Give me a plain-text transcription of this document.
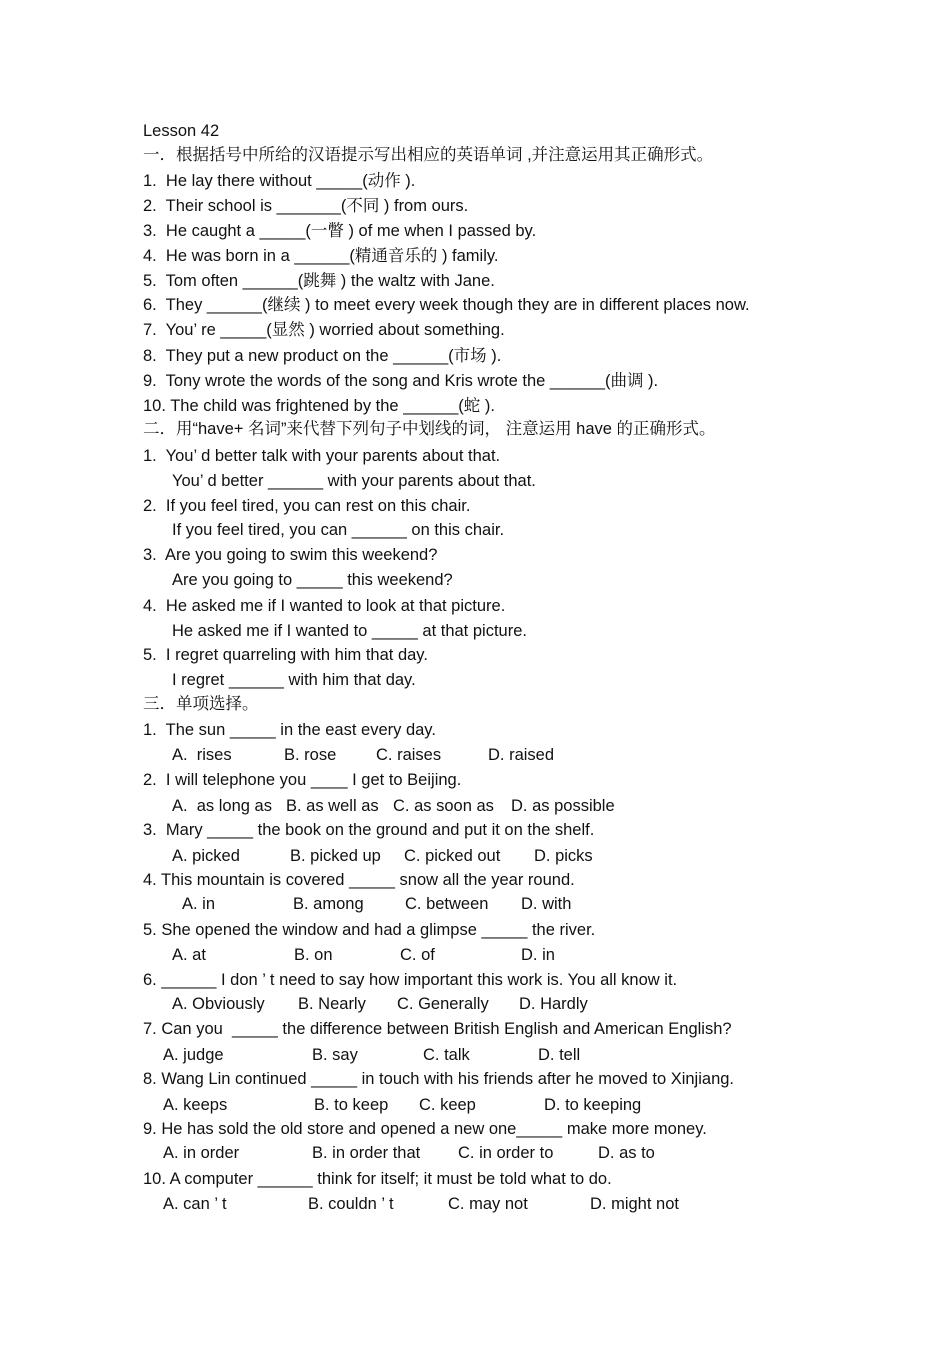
Lesson 42
一．根据括号中所给的汉语提示写出相应的英语单词 ,并注意运用其正确形式。
1.  He lay there without _____(动作 ).
2.  Their school is _______(不同 ) from ours.
3.  He caught a _____(一瞥 ) of me when I passed by.
4.  He was born in a ______(精通音乐的 ) family.
5.  Tom often ______(跳舞 ) the waltz with Jane.
6.  They ______(继续 ) to meet every week though they are in different places now.
7.  You’ re _____(显然 ) worried about something.
8.  They put a new product on the ______(市场 ).
9.  Tony wrote the words of the song and Kris wrote the ______(曲调 ).
10. The child was frightened by the ______(蛇 ).
二．用“have+ 名词”来代替下列句子中划线的词， 注意运用 have 的正确形式。
1.  You’ d better talk with your parents about that.
You’ d better ______ with your parents about that.
2.  If you feel tired, you can rest on this chair.
If you feel tired, you can ______ on this chair.
3.  Are you going to swim this weekend?
Are you going to _____ this weekend?
4.  He asked me if I wanted to look at that picture.
He asked me if I wanted to _____ at that picture.
5.  I regret quarreling with him that day.
I regret ______ with him that day.
三．单项选择。
1.  The sun _____ in the east every day.
A.  rises	B. rose C. raises	D. raised
2.  I will telephone you ____ I get to Beijing.
A.  as long as B. as well as C. as soon as D. as possible
3.  Mary _____ the book on the ground and put it on the shelf.
A. picked	B. picked up C. picked out D. picks
4. This mountain is covered _____ snow all the year round.
A. in	B. among	C. between D. with
5. She opened the window and had a glimpse _____ the river.
A. at	B. on	C. of	D. in
6. ______ I don ’ t need to say how important this work is. You all know it.
A. Obviously B. Nearly C. Generally D. Hardly
7. Can you  _____ the difference between British English and American English?
A. judge	B. say	C. talk	D. tell
8. Wang Lin continued _____ in touch with his friends after he moved to Xinjiang.
A. keeps	B. to keep C. keep	D. to keeping
9. He has sold the old store and opened a new one_____ make more money.
A. in order	B. in order that C. in order to	D. as to
10. A computer ______ think for itself; it must be told what to do.
A. can ’ t	B. couldn ’ t	C. may not	D. might not
